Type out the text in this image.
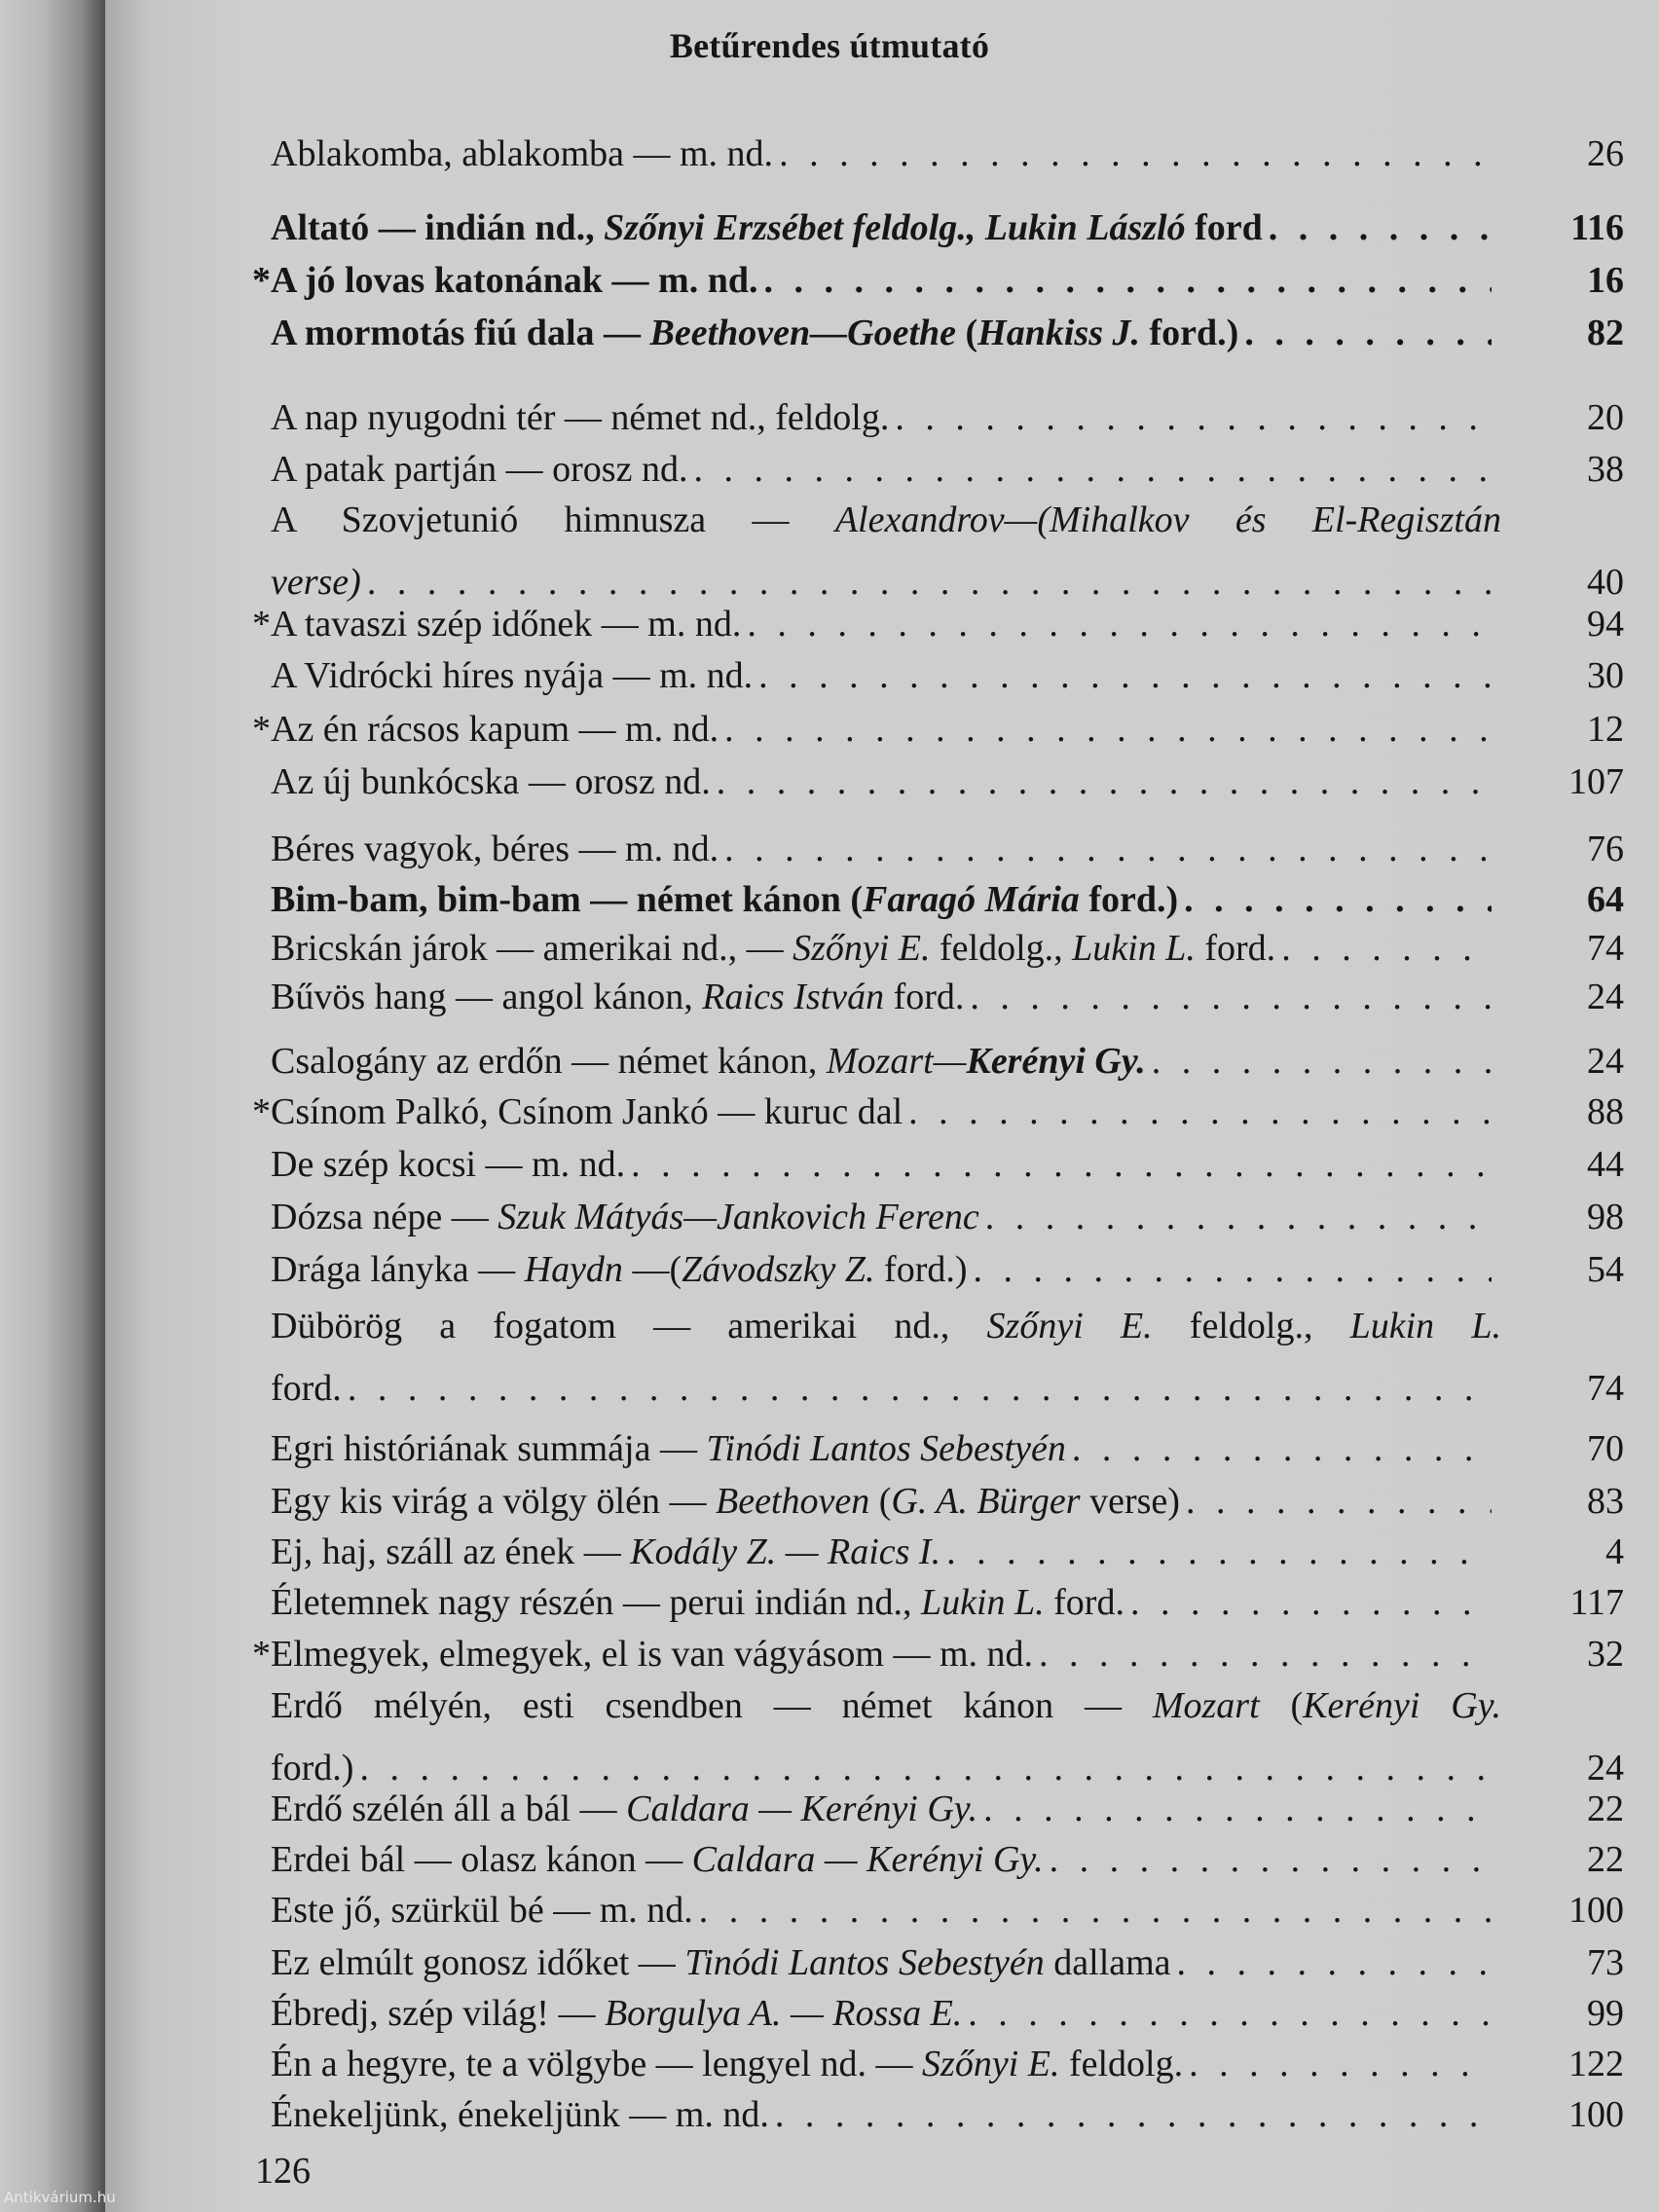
Betűrendes útmutató
Ablakomba, ablakomba — m. nd. . . .	26
Altató — indián nd., Szőnyi Erzsébet feldolg., Lukin László ford . . .	116
* A jó lovas katonának — m. nd. . . .	16
A mormotás fiú dala — Beethoven—Goethe (Hankiss J. ford.) . . .	82
A nap nyugodni tér — német nd., feldolg. . . .	20
A patak partján — orosz nd. . . .	38
A Szovjetunió himnusza — Alexandrov—(Mihalkov és El-Regisztán
verse) . . .	40
* A tavaszi szép időnek — m. nd. . . .	94
A Vidrócki híres nyája — m. nd. . . .	30
* Az én rácsos kapum — m. nd. . . .	12
Az új bunkócska — orosz nd. . . .	107
Béres vagyok, béres — m. nd. . . .	76
Bim-bam, bim-bam — német kánon (Faragó Mária ford.) . . .	64
Bricskán járok — amerikai nd., — Szőnyi E. feldolg., Lukin L. ford. . . .	74
Bűvös hang — angol kánon, Raics István ford. . . .	24
Csalogány az erdőn — német kánon, Mozart—Kerényi Gy. . . .	24
* Csínom Palkó, Csínom Jankó — kuruc dal . . .	88
De szép kocsi — m. nd. . . .	44
Dózsa népe — Szuk Mátyás—Jankovich Ferenc . . .	98
Drága lányka — Haydn —(Závodszky Z. ford.) . . .	54
Dübörög a fogatom — amerikai nd., Szőnyi E. feldolg., Lukin L.
ford. . . .	74
Egri históriának summája — Tinódi Lantos Sebestyén . . .	70
Egy kis virág a völgy ölén — Beethoven (G. A. Bürger verse) . . .	83
Ej, haj, száll az ének — Kodály Z. — Raics I. . . .	4
Életemnek nagy részén — perui indián nd., Lukin L. ford. . . .	117
* Elmegyek, elmegyek, el is van vágyásom — m. nd. . . .	32
Erdő mélyén, esti csendben — német kánon — Mozart (Kerényi Gy.
ford.) . . .	24
Erdő szélén áll a bál — Caldara — Kerényi Gy. . . .	22
Erdei bál — olasz kánon — Caldara — Kerényi Gy. . . .	22
Este jő, szürkül bé — m. nd. . . .	100
Ez elmúlt gonosz időket — Tinódi Lantos Sebestyén dallama . . .	73
Ébredj, szép világ! — Borgulya A. — Rossa E. . . .	99
Én a hegyre, te a völgybe — lengyel nd. — Szőnyi E. feldolg. . . .	122
Énekeljünk, énekeljünk — m. nd. . . .	100
126
Antikvárium.hu
